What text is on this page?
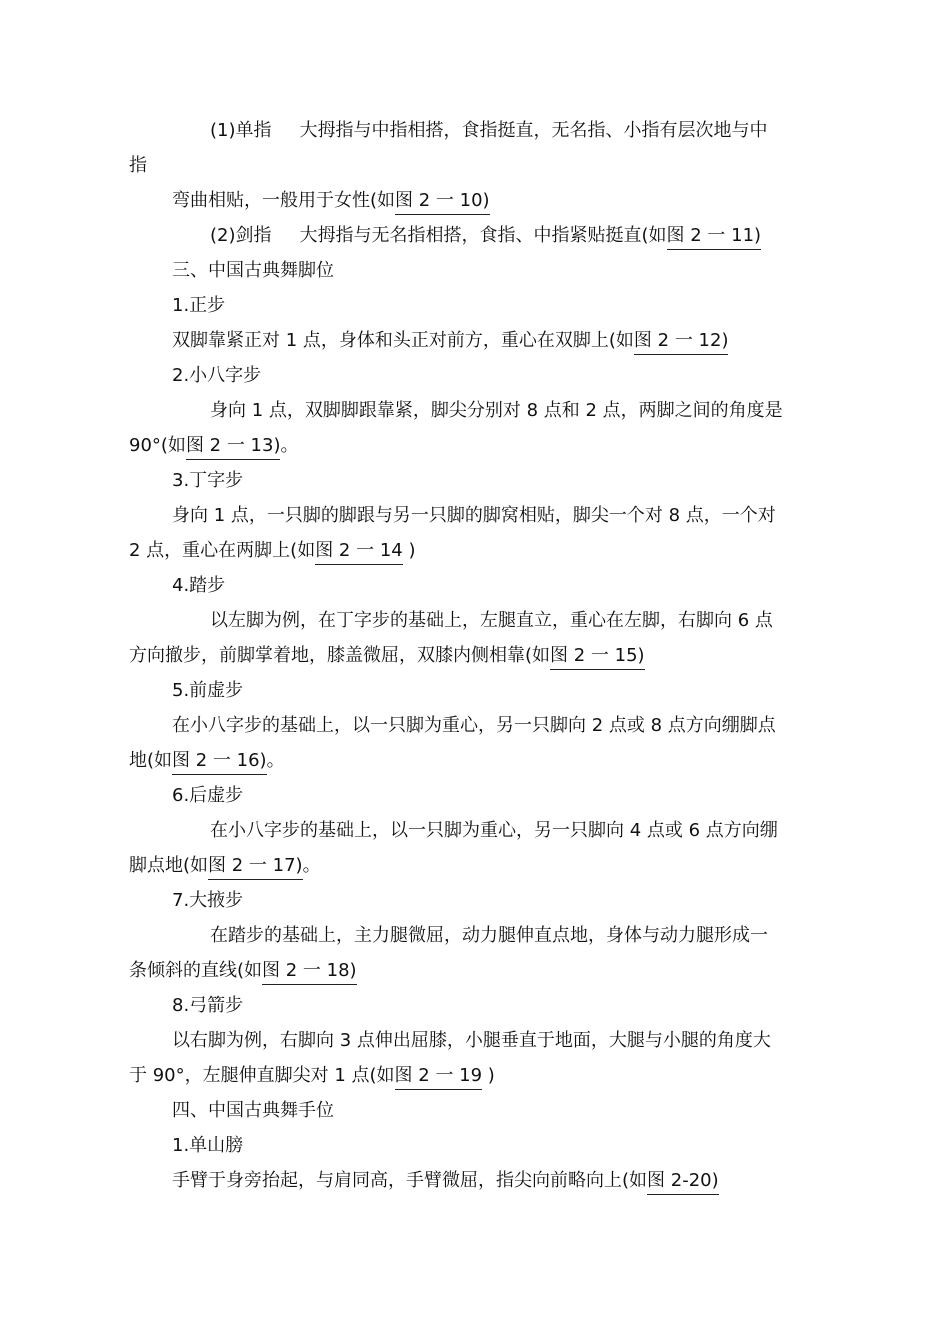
(1)单指 大拇指与中指相搭，食指挺直，无名指、小指有层次地与中
指
弯曲相贴，一般用于女性(如图 2 一 10)
(2)剑指 大拇指与无名指相搭，食指、中指紧贴挺直(如图 2 一 11)
三、中国古典舞脚位
1.正步
双脚靠紧正对 1 点，身体和头正对前方，重心在双脚上(如图 2 一 12)
2.小八字步
身向 1 点，双脚脚跟靠紧，脚尖分别对 8 点和 2 点，两脚之间的角度是
90°(如图 2 一 13)。
3.丁字步
身向 1 点，一只脚的脚跟与另一只脚的脚窝相贴，脚尖一个对 8 点，一个对
2 点，重心在两脚上(如图 2 一 14 )
4.踏步
以左脚为例，在丁字步的基础上，左腿直立，重心在左脚，右脚向 6 点
方向撤步，前脚掌着地，膝盖微屈，双膝内侧相靠(如图 2 一 15)
5.前虚步
在小八字步的基础上，以一只脚为重心，另一只脚向 2 点或 8 点方向绷脚点
地(如图 2 一 16)。
6.后虚步
在小八字步的基础上，以一只脚为重心，另一只脚向 4 点或 6 点方向绷
脚点地(如图 2 一 17)。
7.大掖步
在踏步的基础上，主力腿微屈，动力腿伸直点地，身体与动力腿形成一
条倾斜的直线(如图 2 一 18)
8.弓箭步
以右脚为例，右脚向 3 点伸出屈膝，小腿垂直于地面，大腿与小腿的角度大
于 90°，左腿伸直脚尖对 1 点(如图 2 一 19 )
四、中国古典舞手位
1.单山膀
手臂于身旁抬起，与肩同高，手臂微屈，指尖向前略向上(如图 2-20)
